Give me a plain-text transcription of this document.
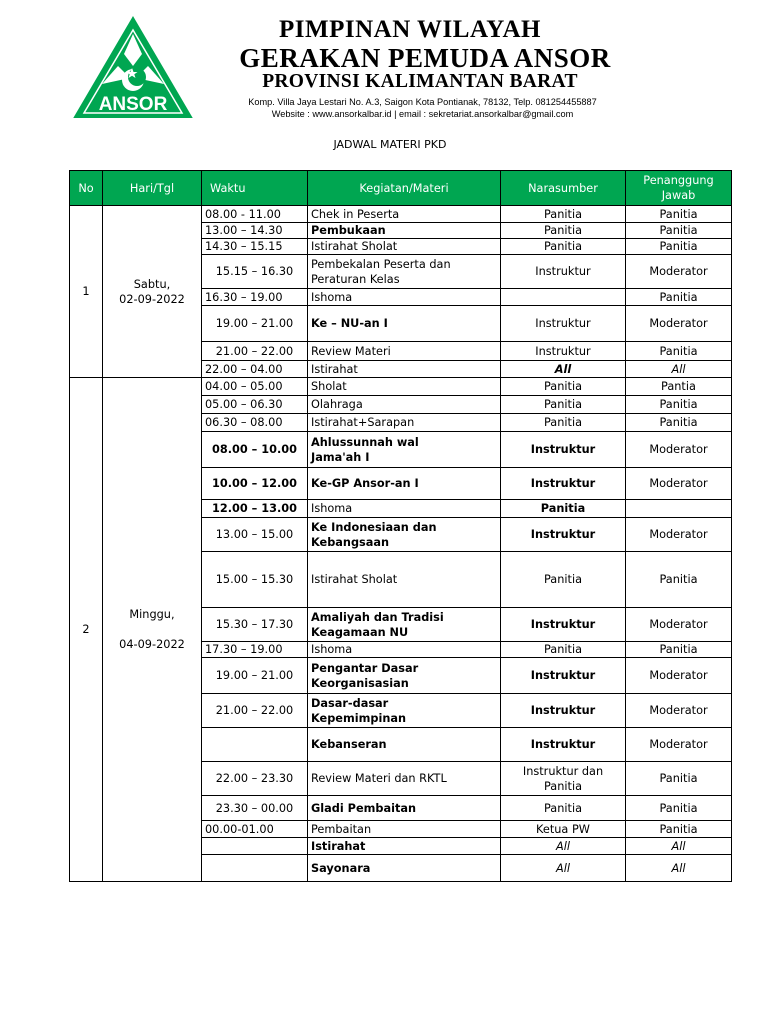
ANSOR
PIMPINAN WILAYAH
GERAKAN PEMUDA ANSOR
PROVINSI KALIMANTAN BARAT
Komp. Villa Jaya Lestari No. A.3, Saigon Kota Pontianak, 78132, Telp. 081254455887
Website : www.ansorkalbar.id | email : sekretariat.ansorkalbar@gmail.com
JADWAL MATERI PKD
No	Hari/Tgl	Waktu	Kegiatan/Materi	Narasumber	Penanggung
Jawab
1	Sabtu,
02-09-2022	08.00 - 11.00	Chek in Peserta	Panitia	Panitia
		13.00 – 14.30	Pembukaan	Panitia	Panitia
		14.30 – 15.15	Istirahat Sholat	Panitia	Panitia
		15.15 – 16.30	Pembekalan Peserta dan
Peraturan Kelas	Instruktur	Moderator
		16.30 – 19.00	Ishoma		Panitia
		19.00 – 21.00	Ke – NU-an I	Instruktur	Moderator
		21.00 – 22.00	Review Materi	Instruktur	Panitia
		22.00 – 04.00	Istirahat	All	All
2	Minggu,

04-09-2022	04.00 – 05.00	Sholat	Panitia	Pantia
		05.00 – 06.30	Olahraga	Panitia	Panitia
		06.30 – 08.00	Istirahat+Sarapan	Panitia	Panitia
		08.00 – 10.00	Ahlussunnah wal
Jama'ah I	Instruktur	Moderator
		10.00 – 12.00	Ke-GP Ansor-an I	Instruktur	Moderator
		12.00 – 13.00	Ishoma	Panitia	
		13.00 – 15.00	Ke Indonesiaan dan
Kebangsaan	Instruktur	Moderator
		15.00 – 15.30	Istirahat Sholat	Panitia	Panitia
		15.30 – 17.30	Amaliyah dan Tradisi
Keagamaan NU	Instruktur	Moderator
		17.30 – 19.00	Ishoma	Panitia	Panitia
		19.00 – 21.00	Pengantar Dasar
Keorganisasian	Instruktur	Moderator
		21.00 – 22.00	Dasar-dasar
Kepemimpinan	Instruktur	Moderator
			Kebanseran	Instruktur	Moderator
		22.00 – 23.30	Review Materi dan RKTL	Instruktur dan
Panitia	Panitia
		23.30 – 00.00	Gladi Pembaitan	Panitia	Panitia
		00.00-01.00	Pembaitan	Ketua PW	Panitia
			Istirahat	All	All
			Sayonara	All	All
